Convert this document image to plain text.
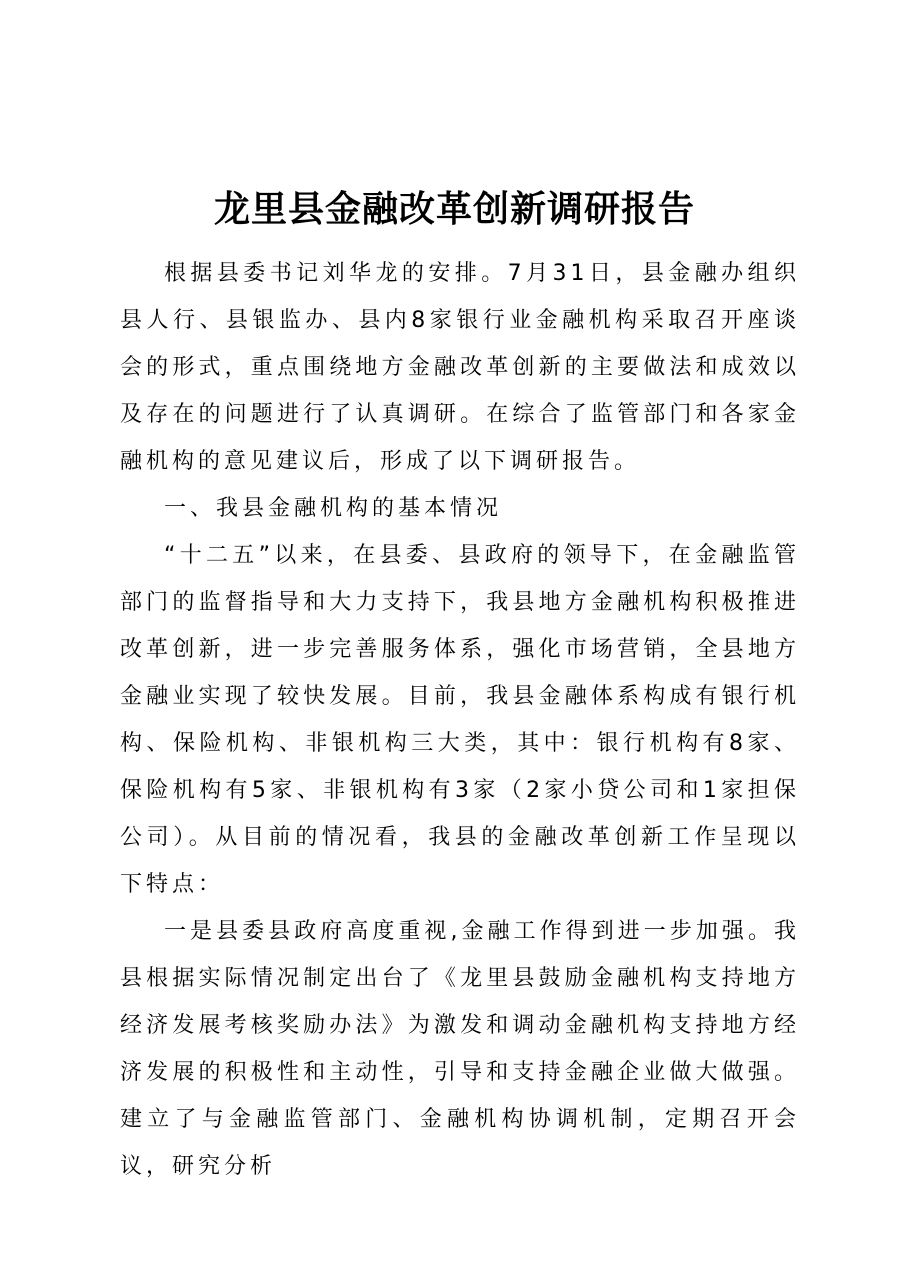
龙里县金融改革创新调研报告

根据县委书记刘华龙的安排。7月31日，县金融办组织县人行、县银监办、县内8家银行业金融机构采取召开座谈会的形式，重点围绕地方金融改革创新的主要做法和成效以及存在的问题进行了认真调研。在综合了监管部门和各家金融机构的意见建议后，形成了以下调研报告。

一、我县金融机构的基本情况

“十二五”以来，在县委、县政府的领导下，在金融监管部门的监督指导和大力支持下，我县地方金融机构积极推进改革创新，进一步完善服务体系，强化市场营销，全县地方金融业实现了较快发展。目前，我县金融体系构成有银行机构、保险机构、非银机构三大类，其中：银行机构有8家、保险机构有5家、非银机构有3家（2家小贷公司和1家担保公司）。从目前的情况看，我县的金融改革创新工作呈现以下特点：

一是县委县政府高度重视,金融工作得到进一步加强。我县根据实际情况制定出台了《龙里县鼓励金融机构支持地方经济发展考核奖励办法》为激发和调动金融机构支持地方经济发展的积极性和主动性，引导和支持金融企业做大做强。建立了与金融监管部门、金融机构协调机制，定期召开会议，研究分析
